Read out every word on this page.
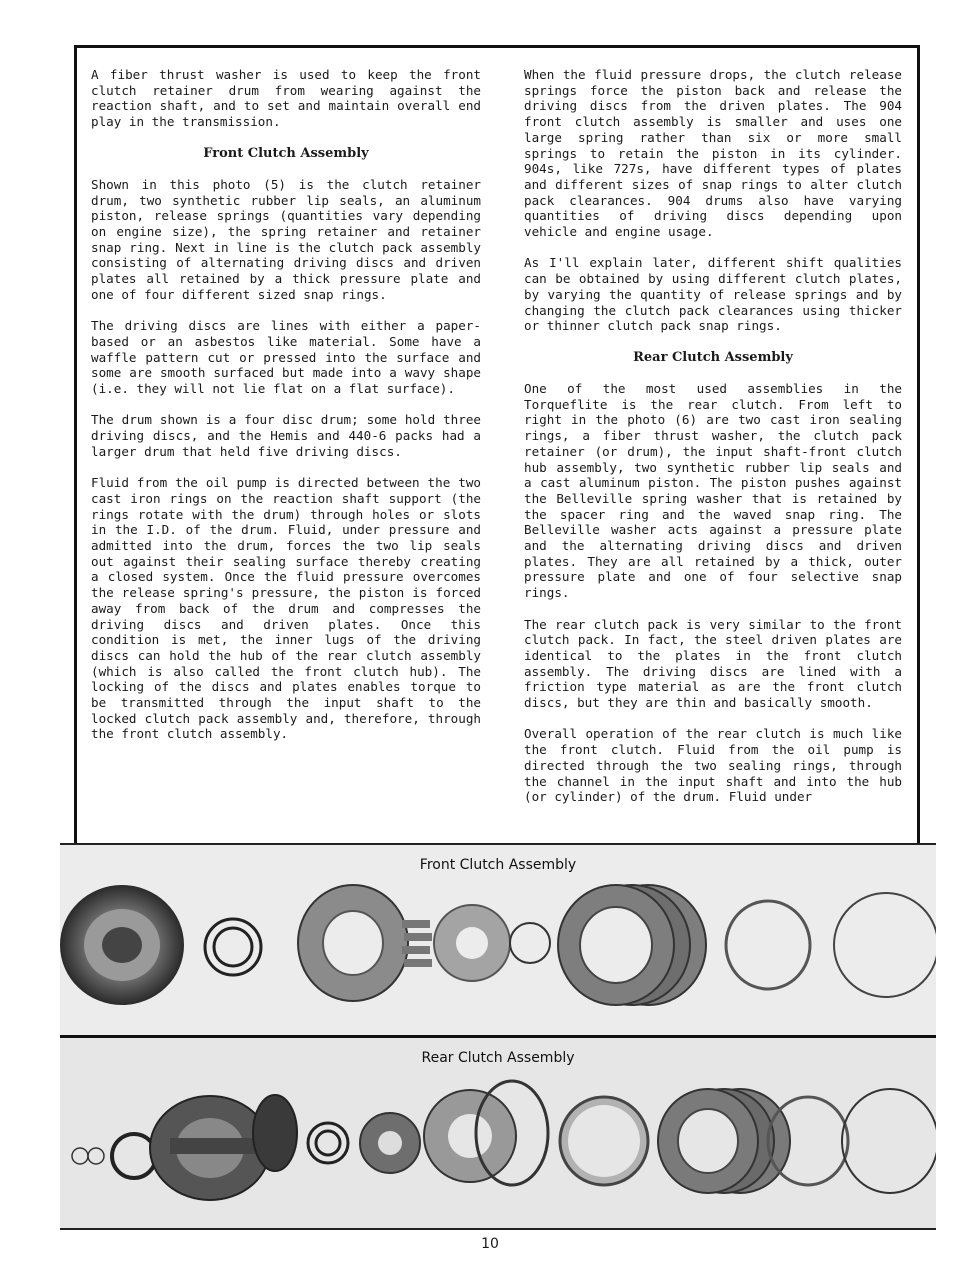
A fiber thrust washer is used to keep the front clutch retainer drum from wearing against the reaction shaft, and to set and maintain overall end play in the transmission.

Front Clutch Assembly

Shown in this photo (5) is the clutch retainer drum, two synthetic rubber lip seals, an aluminum piston, release springs (quantities vary depending on engine size), the spring retainer and retainer snap ring. Next in line is the clutch pack assembly consisting of alternating driving discs and driven plates all retained by a thick pressure plate and one of four different sized snap rings.

The driving discs are lines with either a paper-based or an asbestos like material. Some have a waffle pattern cut or pressed into the surface and some are smooth surfaced but made into a wavy shape (i.e. they will not lie flat on a flat surface).

The drum shown is a four disc drum; some hold three driving discs, and the Hemis and 440-6 packs had a larger drum that held five driving discs.

Fluid from the oil pump is directed between the two cast iron rings on the reaction shaft support (the rings rotate with the drum) through holes or slots in the I.D. of the drum. Fluid, under pressure and admitted into the drum, forces the two lip seals out against their sealing surface thereby creating a closed system. Once the fluid pressure overcomes the release spring's pressure, the piston is forced away from back of the drum and compresses the driving discs and driven plates. Once this condition is met, the inner lugs of the driving discs can hold the hub of the rear clutch assembly (which is also called the front clutch hub). The locking of the discs and plates enables torque to be transmitted through the input shaft to the locked clutch pack assembly and, therefore, through the front clutch assembly.

When the fluid pressure drops, the clutch release springs force the piston back and release the driving discs from the driven plates. The 904 front clutch assembly is smaller and uses one large spring rather than six or more small springs to retain the piston in its cylinder. 904s, like 727s, have different types of plates and different sizes of snap rings to alter clutch pack clearances. 904 drums also have varying quantities of driving discs depending upon vehicle and engine usage.

As I'll explain later, different shift qualities can be obtained by using different clutch plates, by varying the quantity of release springs and by changing the clutch pack clearances using thicker or thinner clutch pack snap rings.

Rear Clutch Assembly

One of the most used assemblies in the Torqueflite is the rear clutch. From left to right in the photo (6) are two cast iron sealing rings, a fiber thrust washer, the clutch pack retainer (or drum), the input shaft-front clutch hub assembly, two synthetic rubber lip seals and a cast aluminum piston. The piston pushes against the Belleville spring washer that is retained by the spacer ring and the waved snap ring. The Belleville washer acts against a pressure plate and the alternating driving discs and driven plates. They are all retained by a thick, outer pressure plate and one of four selective snap rings.

The rear clutch pack is very similar to the front clutch pack. In fact, the steel driven plates are identical to the plates in the front clutch assembly. The driving discs are lined with a friction type material as are the front clutch discs, but they are thin and basically smooth.

Overall operation of the rear clutch is much like the front clutch. Fluid from the oil pump is directed through the two sealing rings, through the channel in the input shaft and into the hub (or cylinder) of the drum. Fluid under

Front Clutch Assembly
Rear Clutch Assembly
10
